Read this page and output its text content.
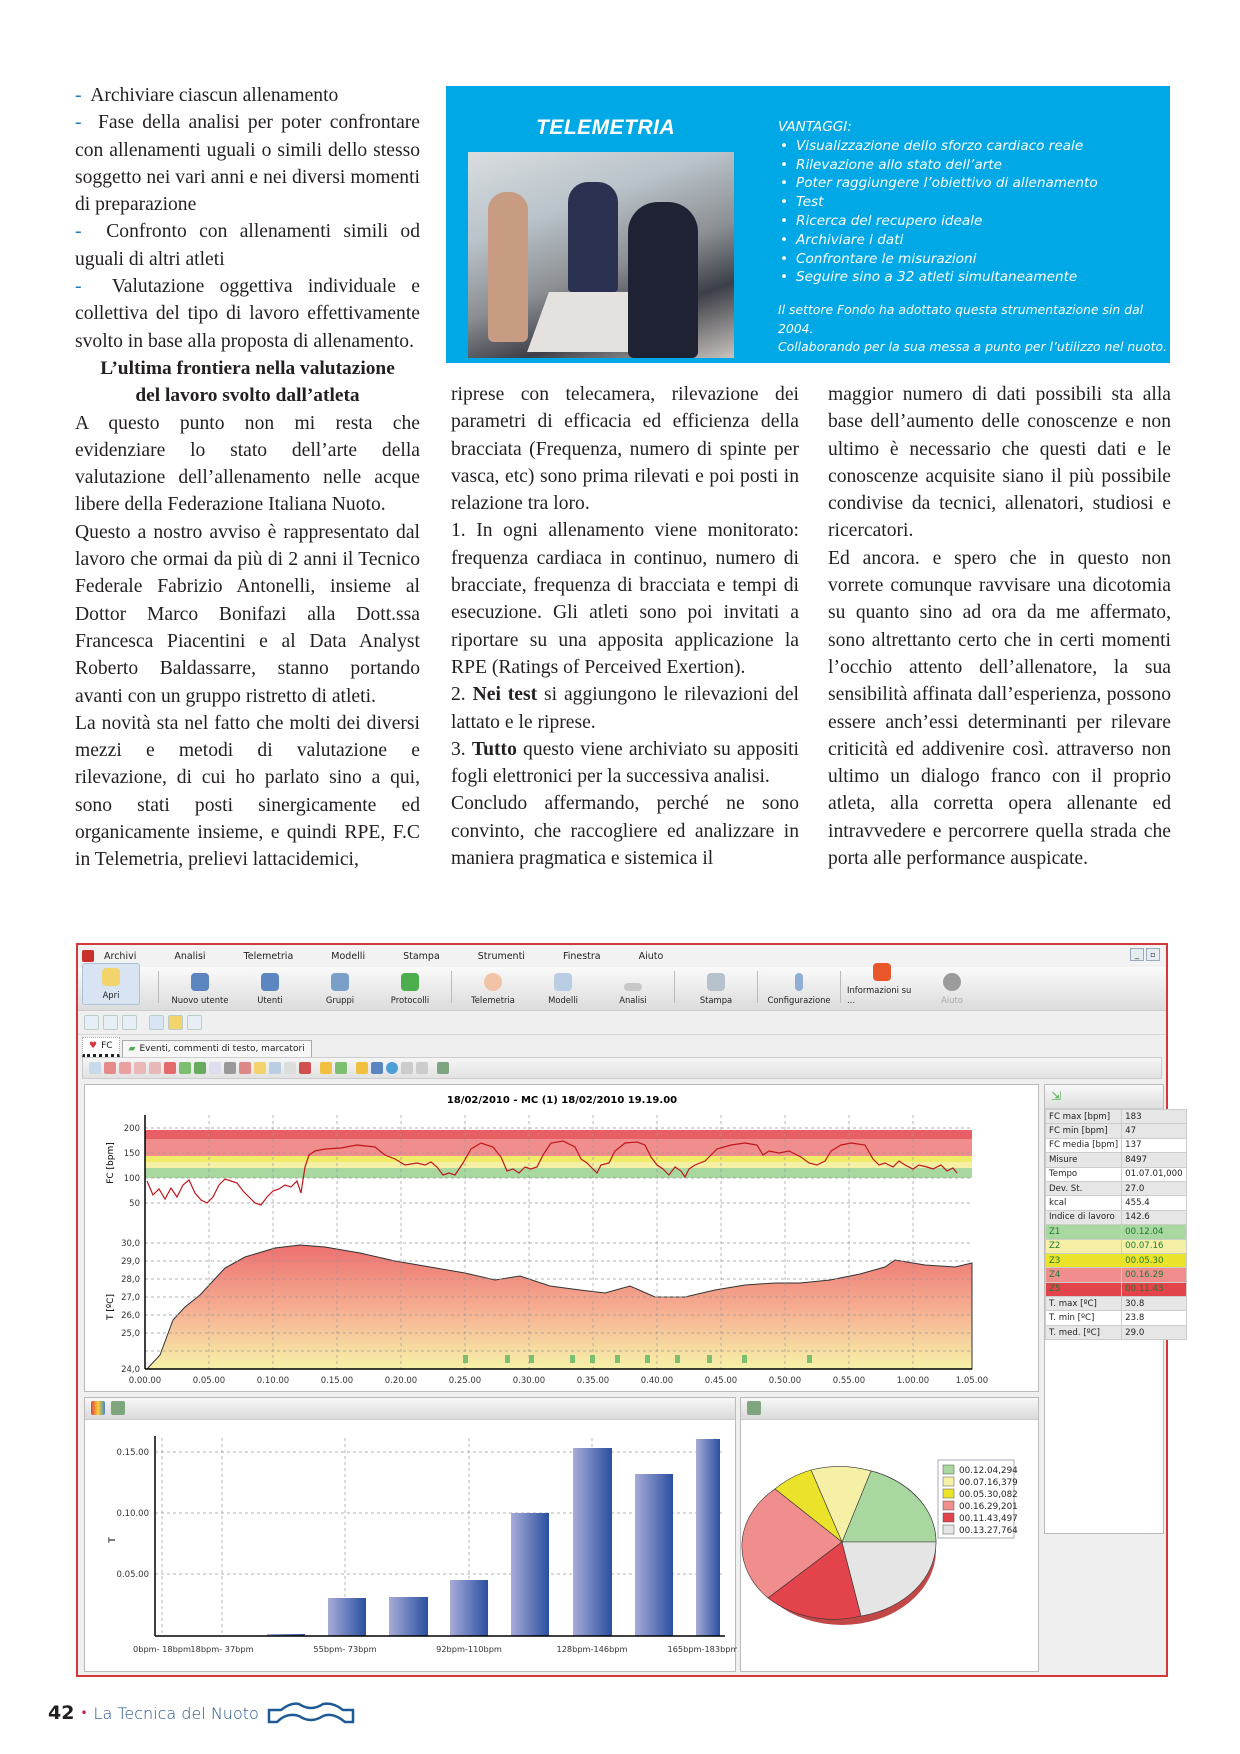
- Archiviare ciascun allenamento

- Fase della analisi per poter confrontare con allenamenti uguali o simili dello stesso soggetto nei vari anni e nei diversi momenti di preparazione

- Confronto con allenamenti simili od uguali di altri atleti

- Valutazione oggettiva individuale e collettiva del tipo di lavoro effettivamente svolto in base alla proposta di allenamento.

L’ultima frontiera nella valutazione
del lavoro svolto dall’atleta

A questo punto non mi resta che evidenziare lo stato dell’arte della valutazione dell’allenamento nelle acque libere della Federazione Italiana Nuoto.

Questo a nostro avviso è rappresentato dal lavoro che ormai da più di 2 anni il Tecnico Federale Fabrizio Antonelli, insieme al Dottor Marco Bonifazi alla Dott.ssa Francesca Piacentini e al Data Analyst Roberto Baldassarre, stanno portando avanti con un gruppo ristretto di atleti.

La novità sta nel fatto che molti dei diversi mezzi e metodi di valutazione e rilevazione, di cui ho parlato sino a qui, sono stati posti sinergicamente ed organicamente insieme, e quindi RPE, F.C in Telemetria, prelievi lattacidemici,

TELEMETRIA	VANTAGGI:
• Visualizzazione dello sforzo cardiaco reale
• Rilevazione allo stato dell’arte
• Poter raggiungere l’obiettivo di allenamento
• Test
• Ricerca del recupero ideale
• Archiviare i dati
• Confrontare le misurazioni
• Seguire sino a 32 atleti simultaneamente
Il settore Fondo ha adottato questa strumentazione sin dal 2004.
Collaborando per la sua messa a punto per l’utilizzo nel nuoto.

riprese con telecamera, rilevazione dei parametri di efficacia ed efficienza della bracciata (Frequenza, numero di spinte per vasca, etc) sono prima rilevati e poi posti in relazione tra loro.

1. In ogni allenamento viene monitorato: frequenza cardiaca in continuo, numero di bracciate, frequenza di bracciata e tempi di esecuzione. Gli atleti sono poi invitati a riportare su una apposita applicazione la RPE (Ratings of Perceived Exertion).

2. Nei test si aggiungono le rilevazioni del lattato e le riprese.

3. Tutto questo viene archiviato su appositi fogli elettronici per la successiva analisi.

Concludo affermando, perché ne sono convinto, che raccogliere ed analizzare in maniera pragmatica e sistemica il

maggior numero di dati possibili sta alla base dell’aumento delle conoscenze e non ultimo è necessario che questi dati e le conoscenze acquisite siano il più possibile condivise da tecnici, allenatori, studiosi e ricercatori.

Ed ancora. e spero che in questo non vorrete comunque ravvisare una dicotomia su quanto sino ad ora da me affermato, sono altrettanto certo che in certi momenti l’occhio attento dell’allenatore, la sua sensibilità affinata dall’esperienza, possono essere anch’essi determinanti per rilevare criticità ed addivenire così. attraverso non ultimo un dialogo franco con il proprio atleta, alla corretta opera allenante ed intravvedere e percorrere quella strada che porta alle performance auspicate.

Archivi	Analisi	Telemetria	Modelli	Stampa	Strumenti	Finestra	Aiuto	_	▫
Apri	Nuovo utente	Utenti	Gruppi	Protocolli	Telemetria	Modelli	Analisi	Stampa	Configurazione
Informazioni su ...	Aiuto
♥ FC ▰ Eventi, commenti di testo, marcatori
18/02/2010 - MC (1) 18/02/2010 19.19.00
200
150
100
50
FC [bpm]
30,0
29,0
28,0
27,0
26,0
25,0
24,0
T [ºC]
0.00.00	0.05.00	0.10.00	0.15.00	0.20.00	0.25.00	0.30.00	0.35.00	0.40.00	0.45.00	0.50.00	0.55.00	1.00.00	1.05.00
⇲
FC max [bpm]	183
FC min [bpm]	47
FC media [bpm]	137
Misure	8497
Tempo	01.07.01,000
Dev. St.	27.0
kcal	455.4
Indice di lavoro	142.6
Z1	00.12.04
Z2	00.07.16
Z3	00.05.30
Z4	00.16.29
Z5	00.11.43
T. max [ºC]	30.8
T. min [ºC]	23.8
T. med. [ºC]	29.0
0.15.00
0.10.00
0.05.00
T
0bpm- 18bpm 18bpm- 37bpm	55bpm- 73bpm	92bpm-110bpm	128bpm-146bpm	165bpm-183bpm
00.12.04,294
00.07.16,379
00.05.30,082
00.16.29,201
00.11.43,497
00.13.27,764
42 • La Tecnica del Nuoto
